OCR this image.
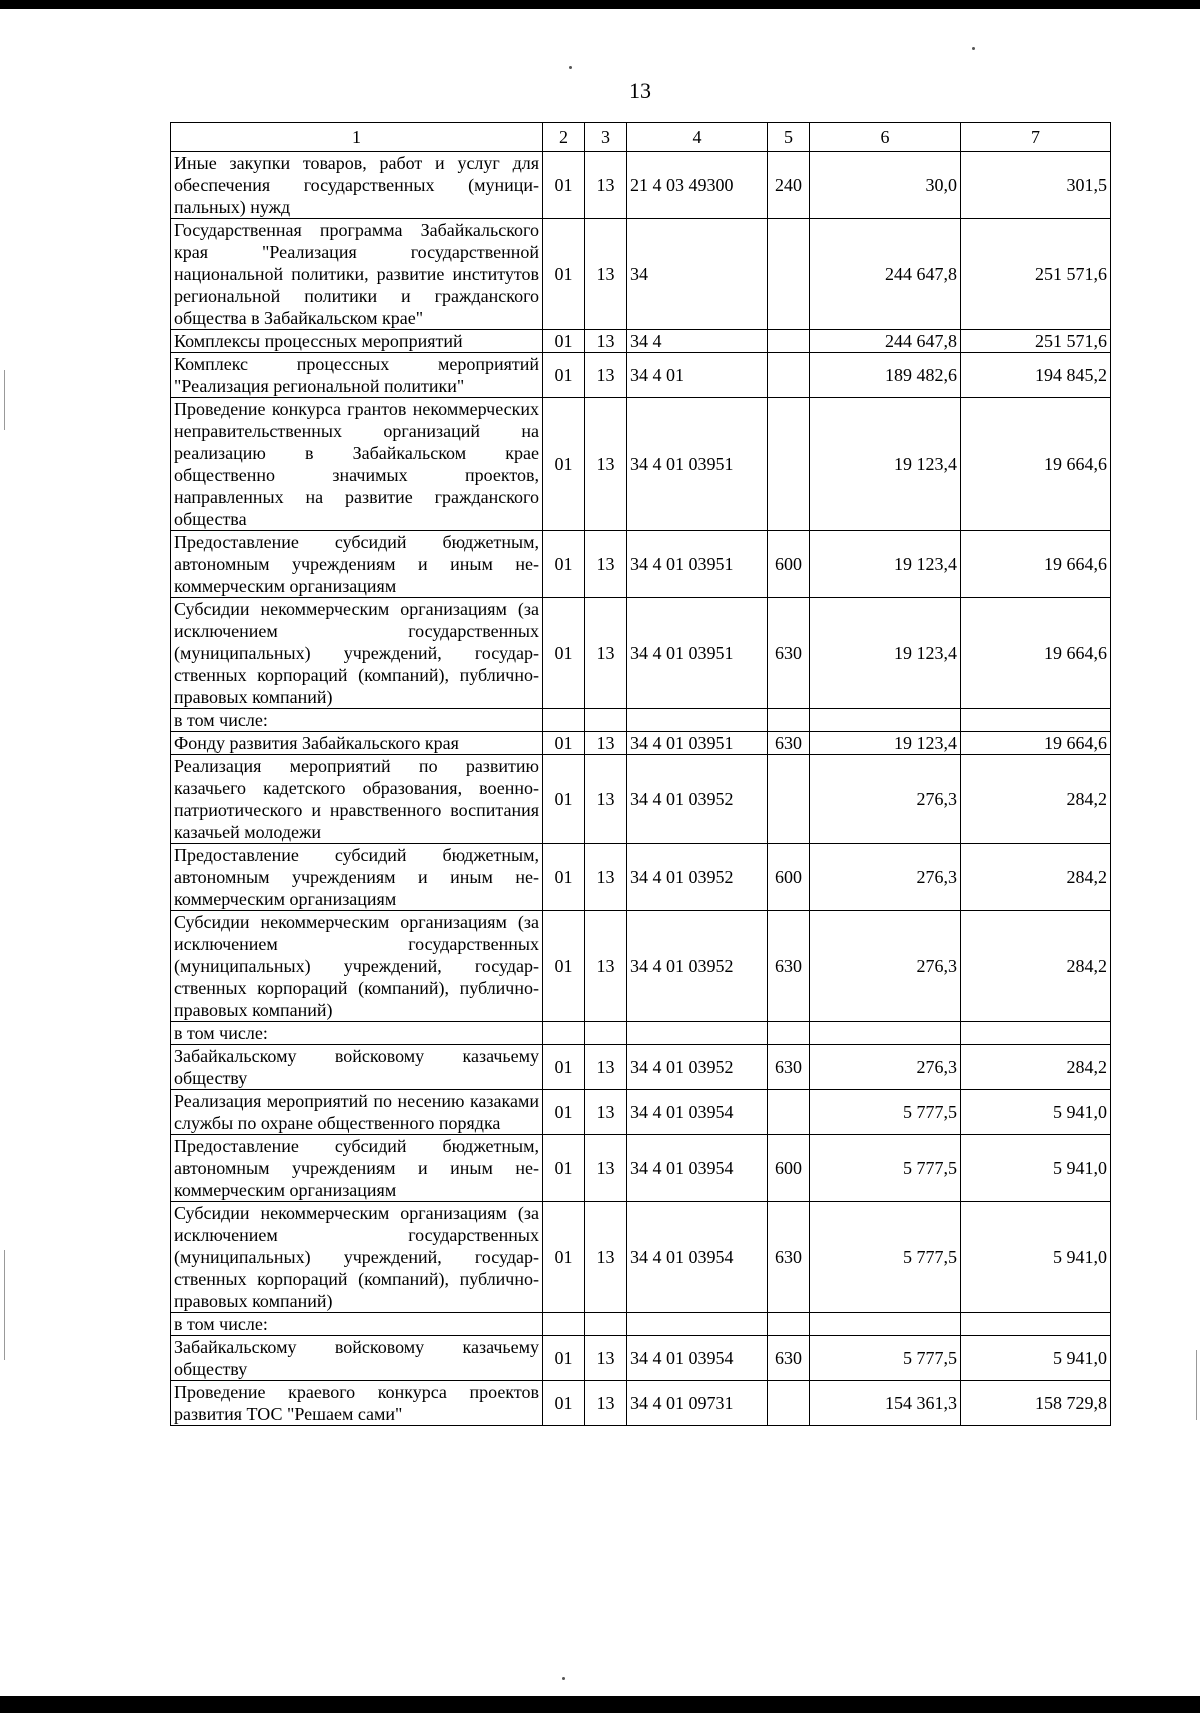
13
1	2	3	4	5	6	7
Иные закупки товаров, работ и услуг для обеспечения государственных (муниципальных) нужд	01	13	21 4 03 49300	240	30,0	301,5
Государственная программа Забайкальского края "Реализация государственной национальной политики, развитие институтов региональной политики и гражданского общества в Забайкальском крае"	01	13	34		244 647,8	251 571,6
Комплексы процессных мероприятий	01	13	34 4		244 647,8	251 571,6
Комплекс процессных мероприятий "Реализация региональной политики"	01	13	34 4 01		189 482,6	194 845,2
Проведение конкурса грантов некоммерческих неправительственных организаций на реализацию в Забайкальском крае общественно значимых проектов, направленных на развитие гражданского общества	01	13	34 4 01 03951		19 123,4	19 664,6
Предоставление субсидий бюджетным, автономным учреждениям и иным некоммерческим организациям	01	13	34 4 01 03951	600	19 123,4	19 664,6
Субсидии некоммерческим организациям (за исключением государственных (муниципальных) учреждений, государственных корпораций (компаний), публично-правовых компаний)	01	13	34 4 01 03951	630	19 123,4	19 664,6
в том числе:						
Фонду развития Забайкальского края	01	13	34 4 01 03951	630	19 123,4	19 664,6
Реализация мероприятий по развитию казачьего кадетского образования, военно-патриотического и нравственного воспитания казачьей молодежи	01	13	34 4 01 03952		276,3	284,2
Предоставление субсидий бюджетным, автономным учреждениям и иным некоммерческим организациям	01	13	34 4 01 03952	600	276,3	284,2
Субсидии некоммерческим организациям (за исключением государственных (муниципальных) учреждений, государственных корпораций (компаний), публично-правовых компаний)	01	13	34 4 01 03952	630	276,3	284,2
в том числе:						
Забайкальскому войсковому казачьему обществу	01	13	34 4 01 03952	630	276,3	284,2
Реализация мероприятий по несению казаками службы по охране общественного порядка	01	13	34 4 01 03954		5 777,5	5 941,0
Предоставление субсидий бюджетным, автономным учреждениям и иным некоммерческим организациям	01	13	34 4 01 03954	600	5 777,5	5 941,0
Субсидии некоммерческим организациям (за исключением государственных (муниципальных) учреждений, государственных корпораций (компаний), публично-правовых компаний)	01	13	34 4 01 03954	630	5 777,5	5 941,0
в том числе:						
Забайкальскому войсковому казачьему обществу	01	13	34 4 01 03954	630	5 777,5	5 941,0
Проведение краевого конкурса проектов развития ТОС "Решаем сами"	01	13	34 4 01 09731		154 361,3	158 729,8
